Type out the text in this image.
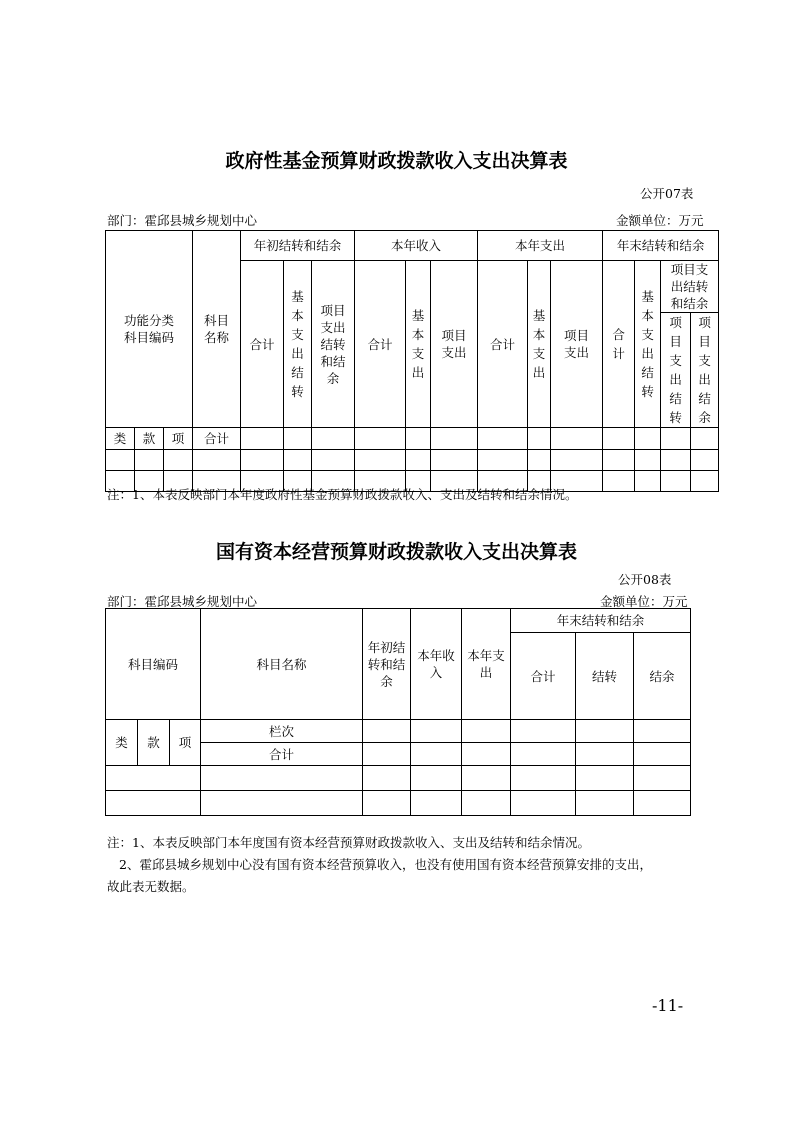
政府性基金预算财政拨款收入支出决算表
公开07表
部门：霍邱县城乡规划中心	金额单位：万元
功能分类科目编码			科目名称	年初结转和结余			本年收入			本年支出			年末结转和结余			
				合计	基本支出结转	项目支出结转和结余	合计	基本支出	项目支出	合计	基本支出	项目支出	合计	基本支出结转	项目支出结转和结余	
															项目支出结转	项目支出结余

类	款	项	合计													

注：1、本表反映部门本年度政府性基金预算财政拨款收入、支出及结转和结余情况。
国有资本经营预算财政拨款收入支出决算表
公开08表
部门：霍邱县城乡规划中心	金额单位：万元
科目编码			科目名称	年初结转和结余	本年收入	本年支出	年末结转和结余		
							合计	结转	结余
类	款	项	栏次						
			合计						

注：1、本表反映部门本年度国有资本经营预算财政拨款收入、支出及结转和结余情况。
2、霍邱县城乡规划中心没有国有资本经营预算收入，也没有使用国有资本经营预算安排的支出，
故此表无数据。
-11-
